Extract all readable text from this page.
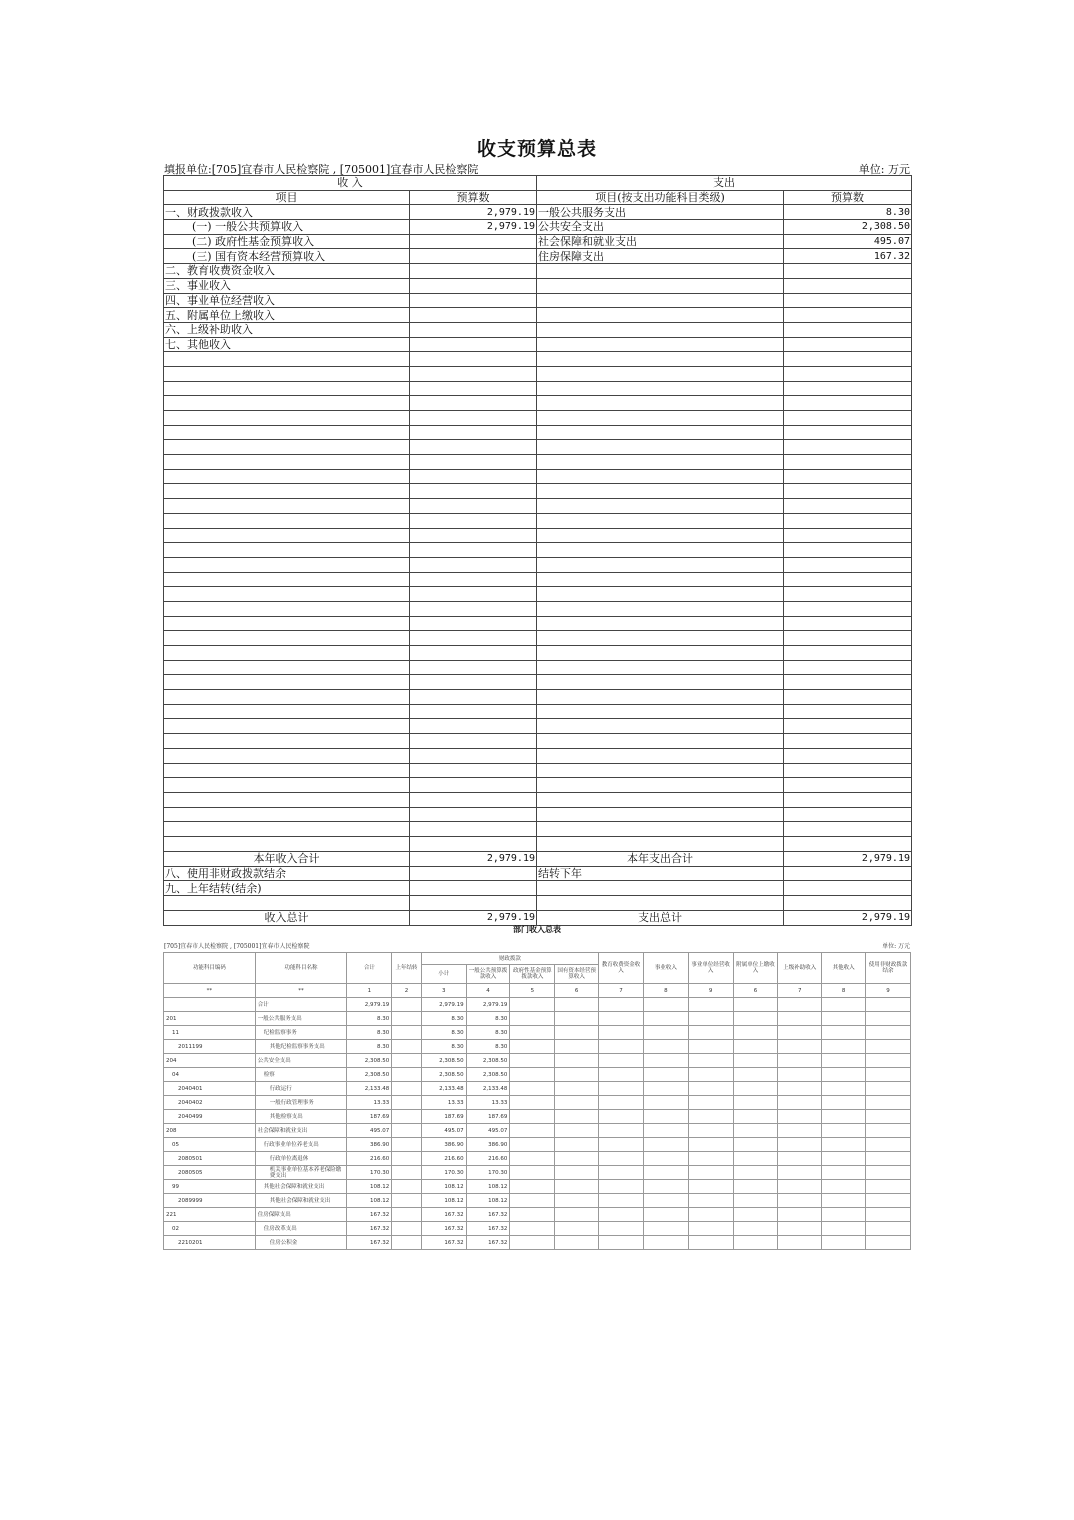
收支预算总表
填报单位:[705]宜春市人民检察院 , [705001]宜春市人民检察院	单位: 万元
收 入		支出	
项目	预算数	项目(按支出功能科目类级)	预算数
一、财政拨款收入	2,979.19	一般公共服务支出	8.30
(一) 一般公共预算收入	2,979.19	公共安全支出	2,308.50
(二) 政府性基金预算收入		社会保障和就业支出	495.07
(三) 国有资本经营预算收入		住房保障支出	167.32
二、教育收费资金收入			
三、事业收入			
四、事业单位经营收入			
五、附属单位上缴收入			
六、上级补助收入			
七、其他收入			

本年收入合计	2,979.19	本年支出合计	2,979.19
八、使用非财政拨款结余		结转下年	
九、上年结转(结余)			

收入总计	2,979.19	支出总计	2,979.19
部门收入总表
[705]宜春市人民检察院 , [705001]宜春市人民检察院	单位: 万元
功能科目编码	功能科目名称	合计	上年结转	财政拨款				教育收费资金收入	事业收入	事业单位经营收入	附属单位上缴收入	上级补助收入	其他收入	使用非财政拨款结余
				小计	一般公共预算拨款收入	政府性基金预算拨款收入	国有资本经营预算收入							
**	**	1	2	3	4	5	6	7	8	9	6	7	8	9
	合计	2,979.19		2,979.19	2,979.19									
201	一般公共服务支出	8.30		8.30	8.30									
11	纪检监察事务	8.30		8.30	8.30									
2011199	其他纪检监察事务支出	8.30		8.30	8.30									
204	公共安全支出	2,308.50		2,308.50	2,308.50									
04	检察	2,308.50		2,308.50	2,308.50									
2040401	行政运行	2,133.48		2,133.48	2,133.48									
2040402	一般行政管理事务	13.33		13.33	13.33									
2040499	其他检察支出	187.69		187.69	187.69									
208	社会保障和就业支出	495.07		495.07	495.07									
05	行政事业单位养老支出	386.90		386.90	386.90									
2080501	行政单位离退休	216.60		216.60	216.60									
2080505	机关事业单位基本养老保险缴费支出	170.30		170.30	170.30									
99	其他社会保障和就业支出	108.12		108.12	108.12									
2089999	其他社会保障和就业支出	108.12		108.12	108.12									
221	住房保障支出	167.32		167.32	167.32									
02	住房改革支出	167.32		167.32	167.32									
2210201	住房公积金	167.32		167.32	167.32									
